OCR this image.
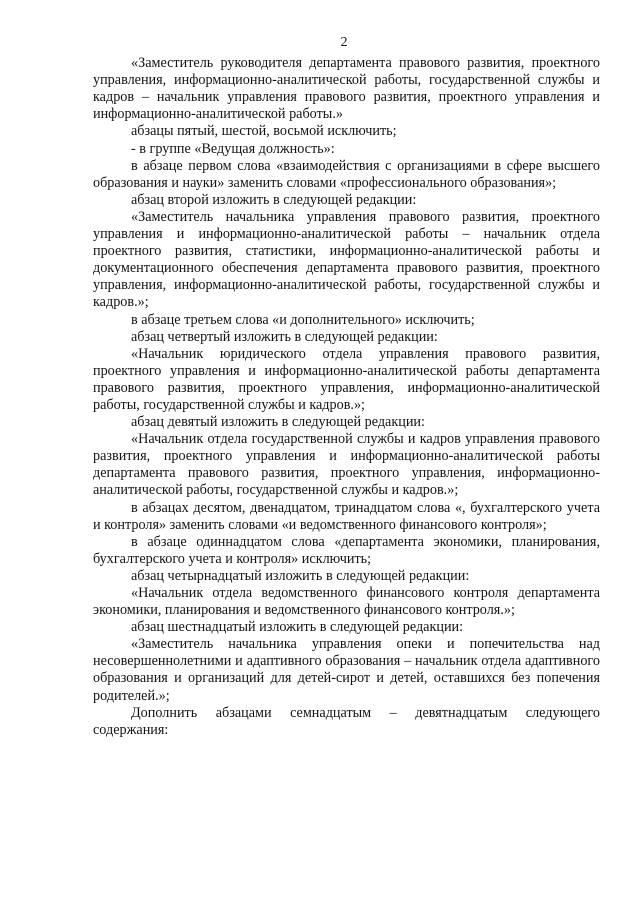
2

«Заместитель руководителя департамента правового развития, проектного управления, информационно-аналитической работы, государственной службы и кадров – начальник управления правового развития, проектного управления и информационно-аналитической работы.»

абзацы пятый, шестой, восьмой исключить;

- в группе «Ведущая должность»:

в абзаце первом слова «взаимодействия с организациями в сфере высшего образования и науки» заменить словами «профессионального образования»;

абзац второй изложить в следующей редакции:

«Заместитель начальника управления правового развития, проектного управления и информационно-аналитической работы – начальник отдела проектного развития, статистики, информационно-аналитической работы и документационного обеспечения департамента правового развития, проектного управления, информационно-аналитической работы, государственной службы и кадров.»;

в абзаце третьем слова «и дополнительного» исключить;

абзац четвертый изложить в следующей редакции:

«Начальник юридического отдела управления правового развития, проектного управления и информационно-аналитической работы департамента правового развития, проектного управления, информационно-аналитической работы, государственной службы и кадров.»;

абзац девятый изложить в следующей редакции:

«Начальник отдела государственной службы и кадров управления правового развития, проектного управления и информационно-аналитической работы департамента правового развития, проектного управления, информационно-аналитической работы, государственной службы и кадров.»;

в абзацах десятом, двенадцатом, тринадцатом слова «, бухгалтерского учета и контроля» заменить словами «и ведомственного финансового контроля»;

в абзаце одиннадцатом слова «департамента экономики, планирования, бухгалтерского учета и контроля» исключить;

абзац четырнадцатый изложить в следующей редакции:

«Начальник отдела ведомственного финансового контроля департамента экономики, планирования и ведомственного финансового контроля.»;

абзац шестнадцатый изложить в следующей редакции:

«Заместитель начальника управления опеки и попечительства над несовершеннолетними и адаптивного образования – начальник отдела адаптивного образования и организаций для детей-сирот и детей, оставшихся без попечения родителей.»;

Дополнить абзацами семнадцатым – девятнадцатым следующего содержания:
